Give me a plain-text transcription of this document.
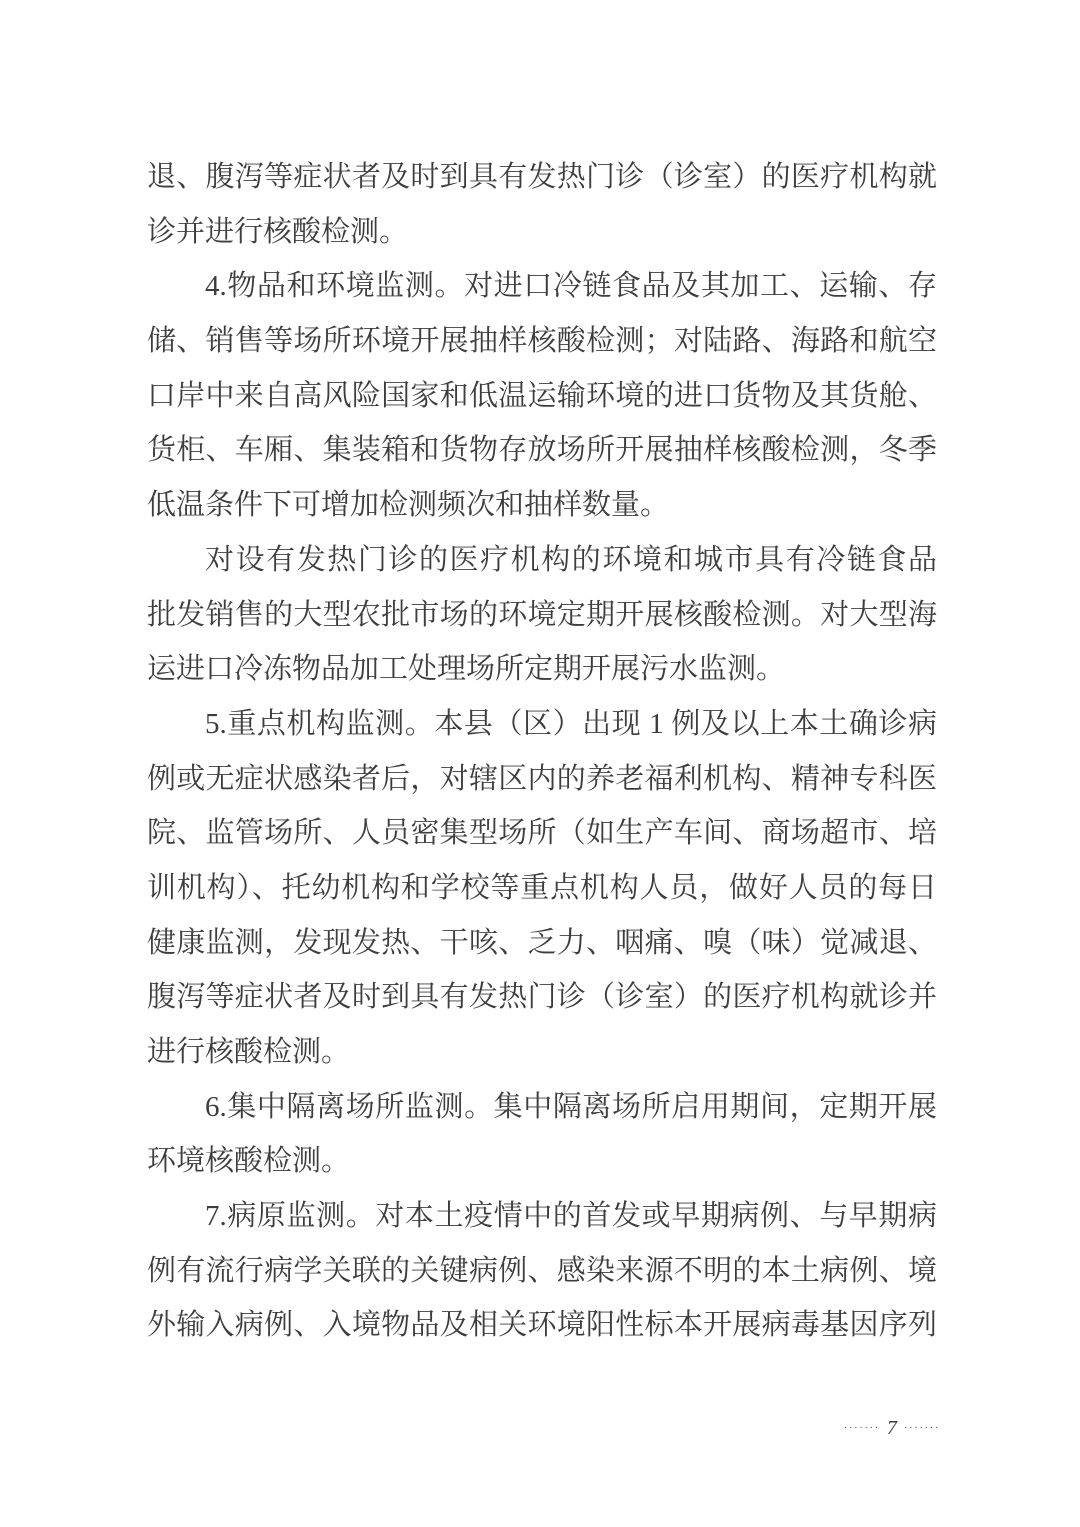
退、腹泻等症状者及时到具有发热门诊（诊室）的医疗机构就
诊并进行核酸检测。
4.物品和环境监测。对进口冷链食品及其加工、运输、存
储、销售等场所环境开展抽样核酸检测；对陆路、海路和航空
口岸中来自高风险国家和低温运输环境的进口货物及其货舱、
货柜、车厢、集装箱和货物存放场所开展抽样核酸检测，冬季
低温条件下可增加检测频次和抽样数量。
对设有发热门诊的医疗机构的环境和城市具有冷链食品
批发销售的大型农批市场的环境定期开展核酸检测。对大型海
运进口冷冻物品加工处理场所定期开展污水监测。
5.重点机构监测。本县（区）出现 1 例及以上本土确诊病
例或无症状感染者后，对辖区内的养老福利机构、精神专科医
院、监管场所、人员密集型场所（如生产车间、商场超市、培
训机构）、托幼机构和学校等重点机构人员，做好人员的每日
健康监测，发现发热、干咳、乏力、咽痛、嗅（味）觉减退、
腹泻等症状者及时到具有发热门诊（诊室）的医疗机构就诊并
进行核酸检测。
6.集中隔离场所监测。集中隔离场所启用期间，定期开展
环境核酸检测。
7.病原监测。对本土疫情中的首发或早期病例、与早期病
例有流行病学关联的关键病例、感染来源不明的本土病例、境
外输入病例、入境物品及相关环境阳性标本开展病毒基因序列
······· 7 ·······
